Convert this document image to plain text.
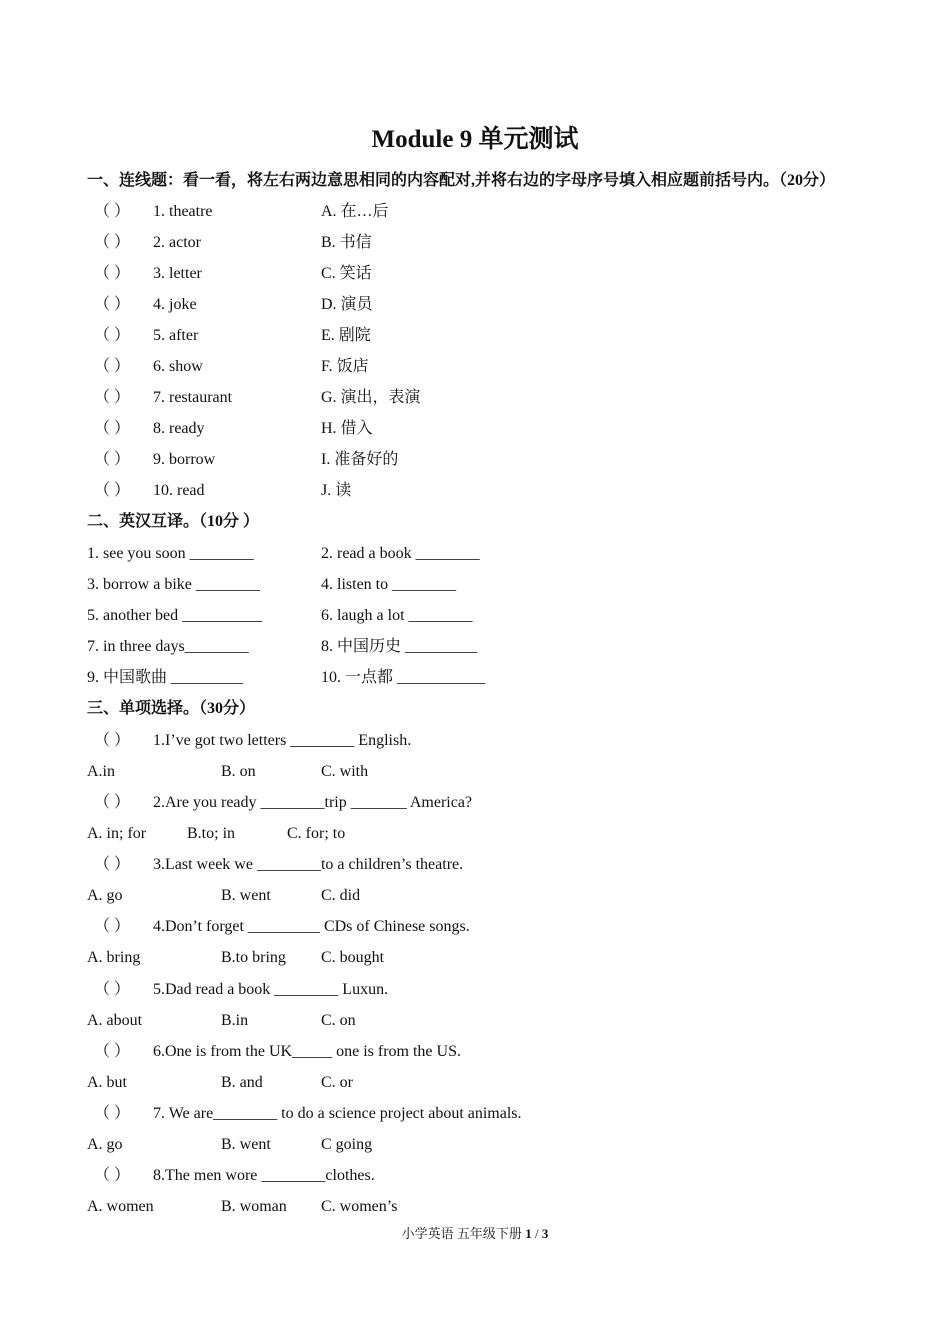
Module 9 单元测试
一、连线题：看一看，将左右两边意思相同的内容配对,并将右边的字母序号填入相应题前括号内。（20分）
（ ） 1. theatre	A. 在…后
（ ） 2. actor	B. 书信
（ ） 3. letter	C. 笑话
（ ） 4. joke	D. 演员
（ ） 5. after	E. 剧院
（ ） 6. show	F. 饭店
（ ） 7. restaurant	G. 演出，表演
（ ） 8. ready	H. 借入
（ ） 9. borrow	I. 准备好的
（ ） 10. read	J. 读
二、英汉互译。（10分 ）
1. see you soon ________	2. read a book ________
3. borrow a bike ________	4. listen to ________
5. another bed __________	6. laugh a lot ________
7. in three days________	8. 中国历史 _________
9. 中国歌曲 _________	10. 一点都 ___________
三、单项选择。（30分）
（ ） 1.I’ve got two letters ________ English.
A.in	B. on	C. with
（ ） 2.Are you ready ________trip _______ America?
A. in; for	B.to; in	C. for; to
（ ） 3.Last week we ________to a children’s theatre.
A. go	B. went	C. did
（ ） 4.Don’t forget _________ CDs of Chinese songs.
A. bring	B.to bring C. bought
（ ） 5.Dad read a book ________ Luxun.
A. about	B.in	C. on
（ ） 6.One is from the UK_____ one is from the US.
A. but	B. and	C. or
（ ） 7. We are________ to do a science project about animals.
A. go	B. went	C going
（ ） 8.The men wore ________clothes.
A. women	B. woman C. women’s
小学英语 五年级下册 1 / 3
